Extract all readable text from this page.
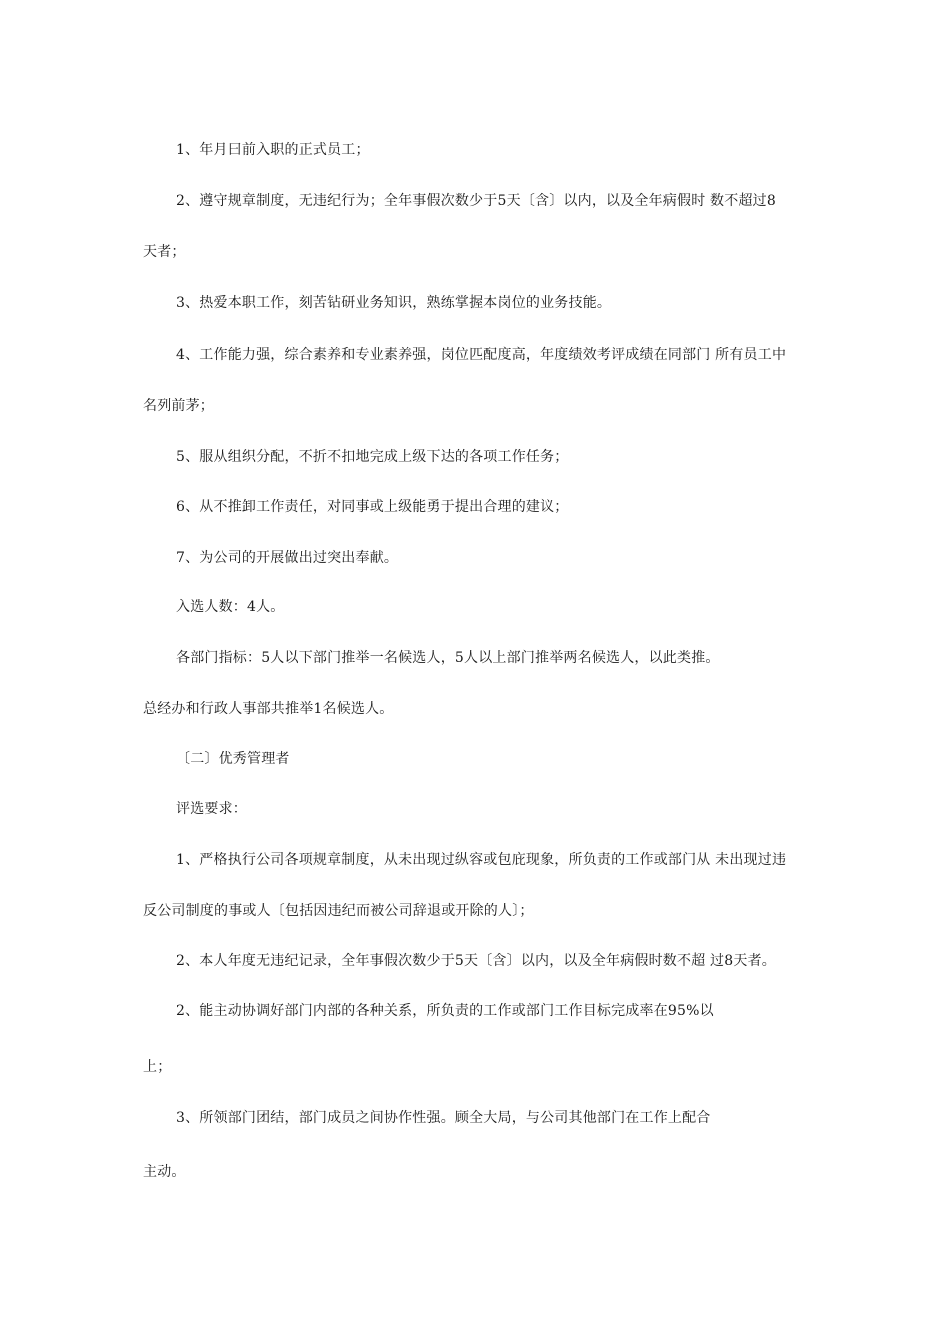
1、年月曰前入职的正式员工；
2、遵守规章制度，无违纪行为；全年事假次数少于5天〔含〕以内，以及全年病假时 数不超过8
天者；
3、热爱本职工作，刻苦钻研业务知识，熟练掌握本岗位的业务技能。
4、工作能力强，综合素养和专业素养强，岗位匹配度高，年度绩效考评成绩在同部门 所有员工中
名列前茅；
5、服从组织分配，不折不扣地完成上级下达的各项工作任务；
6、从不推卸工作责任，对同事或上级能勇于提出合理的建议；
7、为公司的开展做出过突出奉献。
入选人数：4人。
各部门指标：5人以下部门推举一名候选人，5人以上部门推举两名候选人，以此类推。
总经办和行政人事部共推举1名候选人。
〔二〕优秀管理者
评选要求：
1、严格执行公司各项规章制度，从未出现过纵容或包庇现象，所负责的工作或部门从 未出现过违
反公司制度的事或人〔包括因违纪而被公司辞退或开除的人〕；
2、本人年度无违纪记录，全年事假次数少于5天〔含〕以内，以及全年病假时数不超 过8天者。
2、能主动协调好部门内部的各种关系，所负责的工作或部门工作目标完成率在95%以
上；
3、所领部门团结，部门成员之间协作性强。顾全大局，与公司其他部门在工作上配合
主动。
